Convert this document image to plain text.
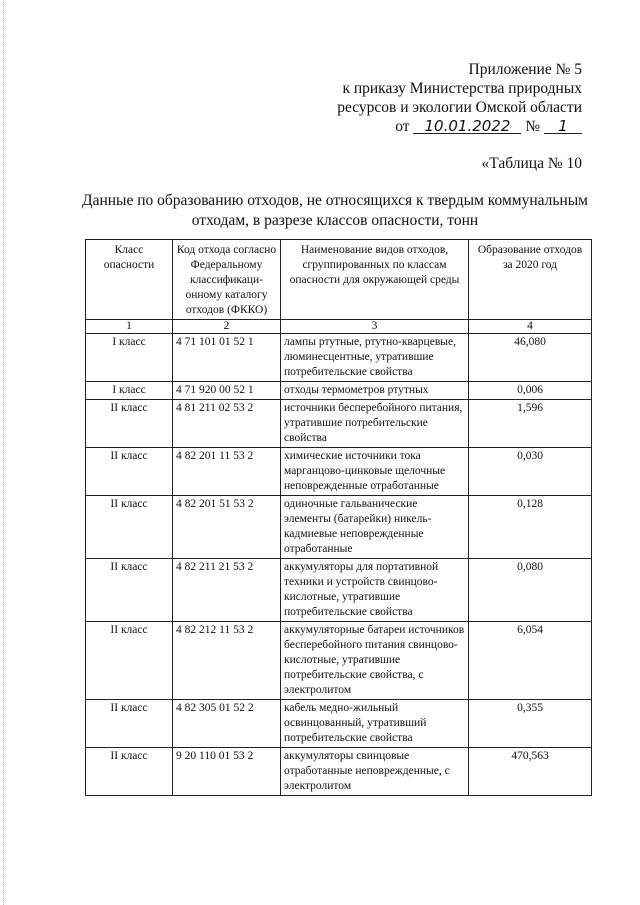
Приложение № 5
к приказу Министерства природных
ресурсов и экологии Омской области
от 10.01.2022 № 1
«Таблица № 10
Данные по образованию отходов, не относящихся к твердым коммунальным отходам, в разрезе классов опасности, тонн
Класс опасности	Код отхода согласно Федеральному классификаци-онному каталогу отходов (ФККО)	Наименование видов отходов, сгруппированных по классам опасности для окружающей среды	Образование отходов за 2020 год
1	2	3	4
I класс	4 71 101 01 52 1	лампы ртутные, ртутно-кварцевые, люминесцентные, утратившие потребительские свойства	46,080
I класс	4 71 920 00 52 1	отходы термометров ртутных	0,006
II класс	4 81 211 02 53 2	источники бесперебойного питания, утратившие потребительские свойства	1,596
II класс	4 82 201 11 53 2	химические источники тока марганцово-цинковые щелочные неповрежденные отработанные	0,030
II класс	4 82 201 51 53 2	одиночные гальванические элементы (батарейки) никель-кадмиевые неповрежденные отработанные	0,128
II класс	4 82 211 21 53 2	аккумуляторы для портативной техники и устройств свинцово-кислотные, утратившие потребительские свойства	0,080
II класс	4 82 212 11 53 2	аккумуляторные батареи источников бесперебойного питания свинцово-кислотные, утратившие потребительские свойства, с электролитом	6,054
II класс	4 82 305 01 52 2	кабель медно-жильный освинцованный, утративший потребительские свойства	0,355
II класс	9 20 110 01 53 2	аккумуляторы свинцовые отработанные неповрежденные, с электролитом	470,563
